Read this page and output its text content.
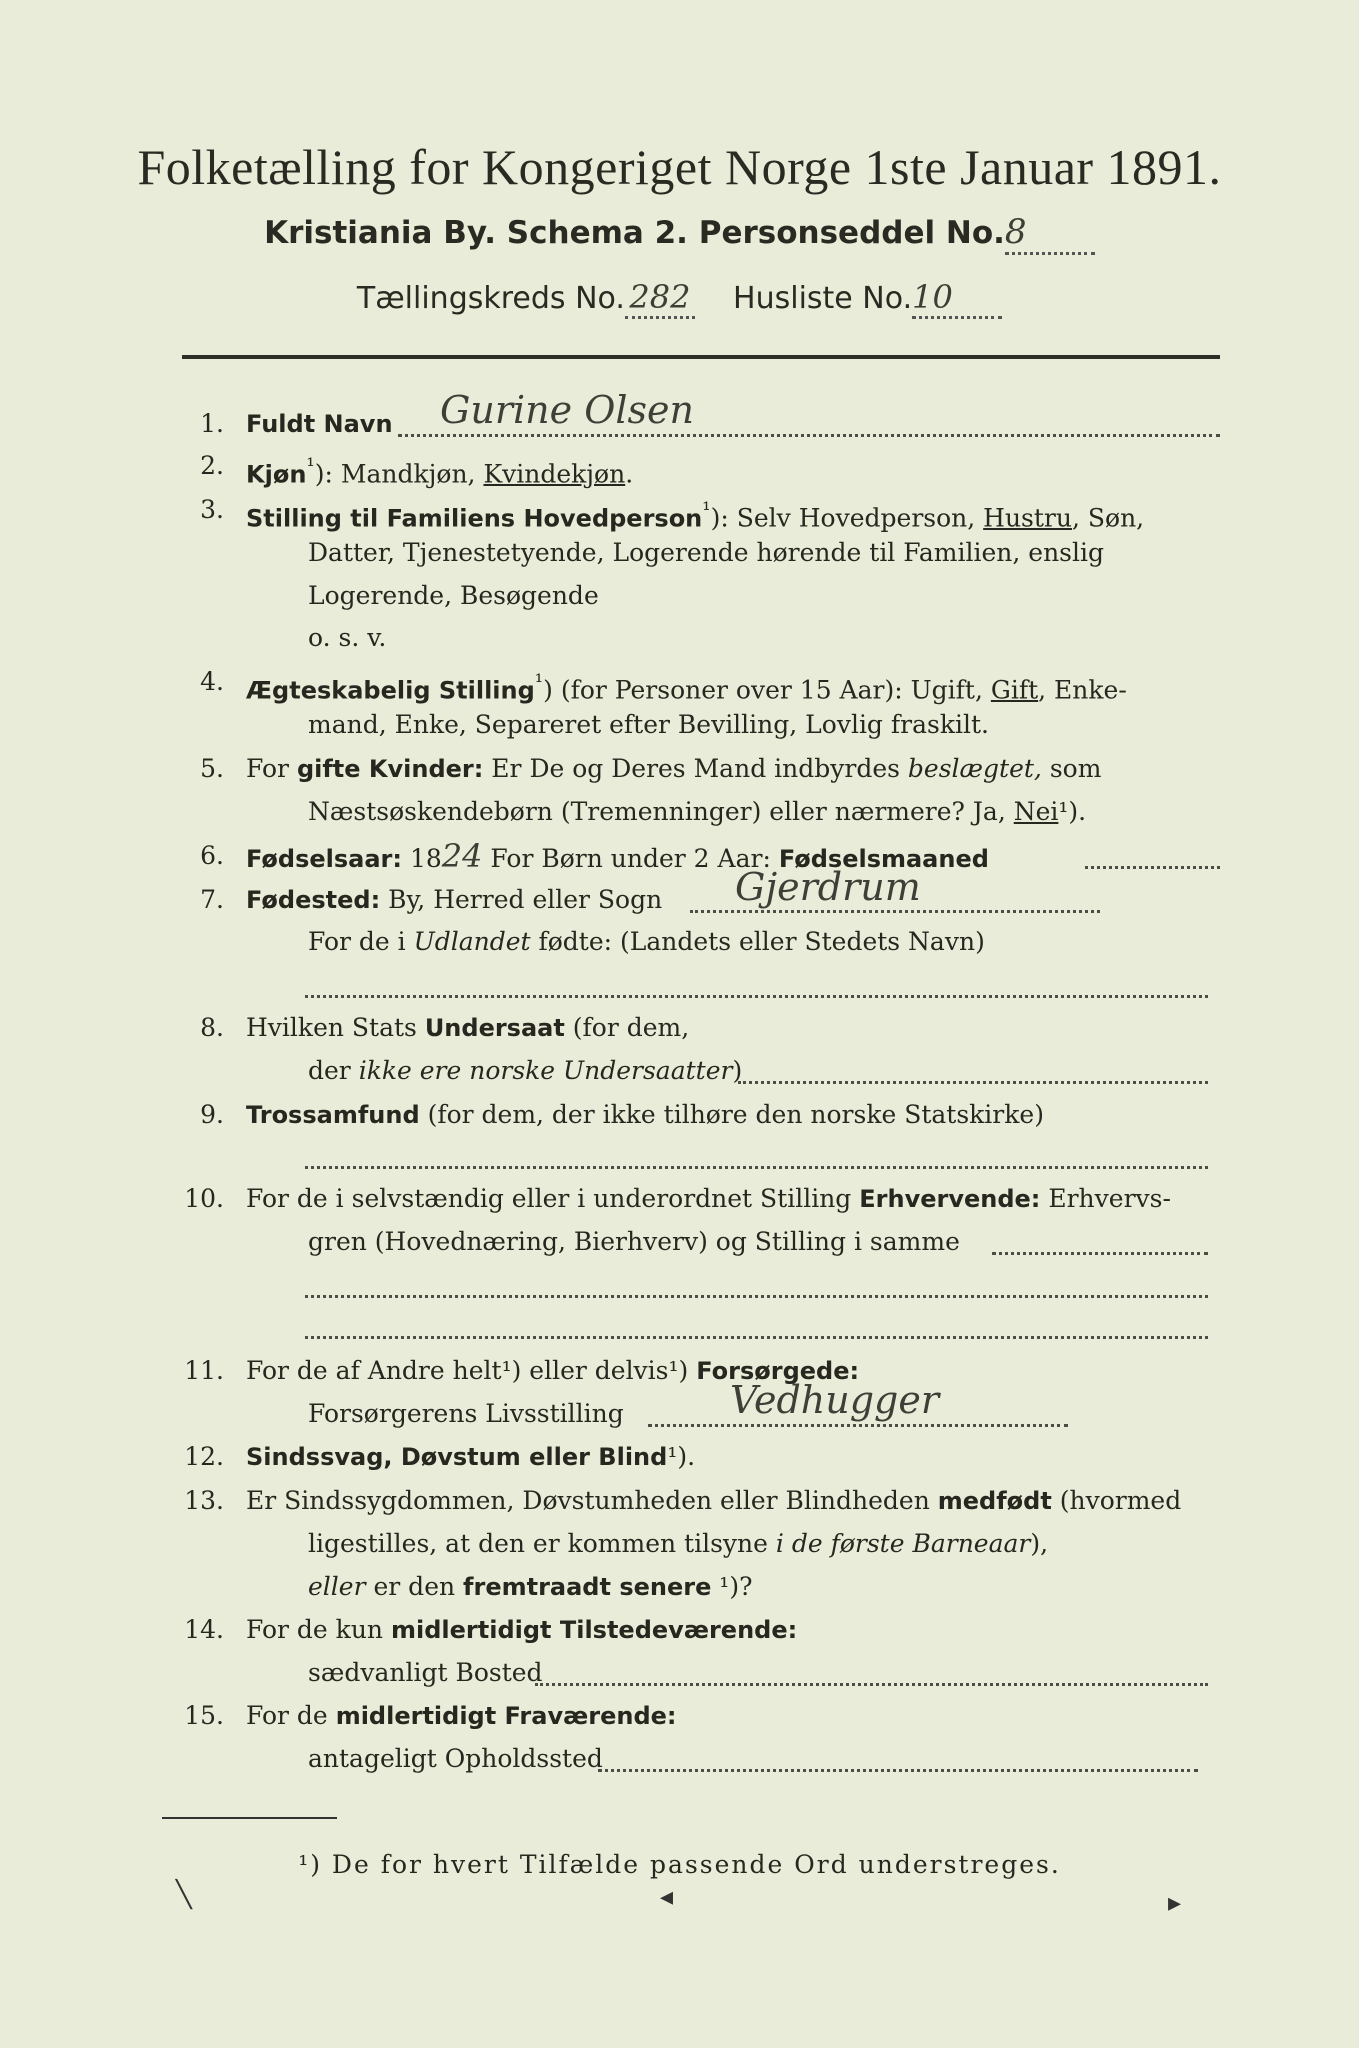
Folketælling for Kongeriget Norge 1ste Januar 1891.
Kristiania By. Schema 2. Personseddel No.8
Tællingskreds No. 282 Husliste No.10
1. Fuldt Navn	Gurine Olsen
2. Kjøn$^{^1}$): Mandkjøn, Kvindekjøn.
3. Stilling til Familiens Hovedperson$^{^1}$): Selv Hovedperson, Hustru, Søn,
Datter, Tjenestetyende, Logerende hørende til Familien, enslig
Logerende, Besøgende
o. s. v.
4. Ægteskabelig Stilling$^{^1}$) (for Personer over 15 Aar): Ugift, Gift, Enke-
mand, Enke, Separeret efter Bevilling, Lovlig fraskilt.
5. For gifte Kvinder: Er De og Deres Mand indbyrdes beslægtet, som
Næstsøskendebørn (Tremenninger) eller nærmere? Ja, Nei¹).
6. Fødselsaar: 1824 For Børn under 2 Aar: Fødselsmaaned
7. Fødested: By, Herred eller Sogn	Gjerdrum
For de i Udlandet fødte: (Landets eller Stedets Navn)
8. Hvilken Stats Undersaat (for dem,
der ikke ere norske Undersaatter)
9. Trossamfund (for dem, der ikke tilhøre den norske Statskirke)
10. For de i selvstændig eller i underordnet Stilling Erhvervende: Erhvervs-
gren (Hovednæring, Bierhverv) og Stilling i samme
11. For de af Andre helt¹) eller delvis¹) Forsørgede:
Forsørgerens Livsstilling	Vedhugger
12. Sindssvag, Døvstum eller Blind¹).
13. Er Sindssygdommen, Døvstumheden eller Blindheden medfødt (hvormed
ligestilles, at den er kommen tilsyne i de første Barneaar),
eller er den fremtraadt senere ¹)?
14. For de kun midlertidigt Tilstedeværende:
sædvanligt Bosted
15. For de midlertidigt Fraværende:
antageligt Opholdssted
¹) De for hvert Tilfælde passende Ord understreges.
╲	◂	▸
